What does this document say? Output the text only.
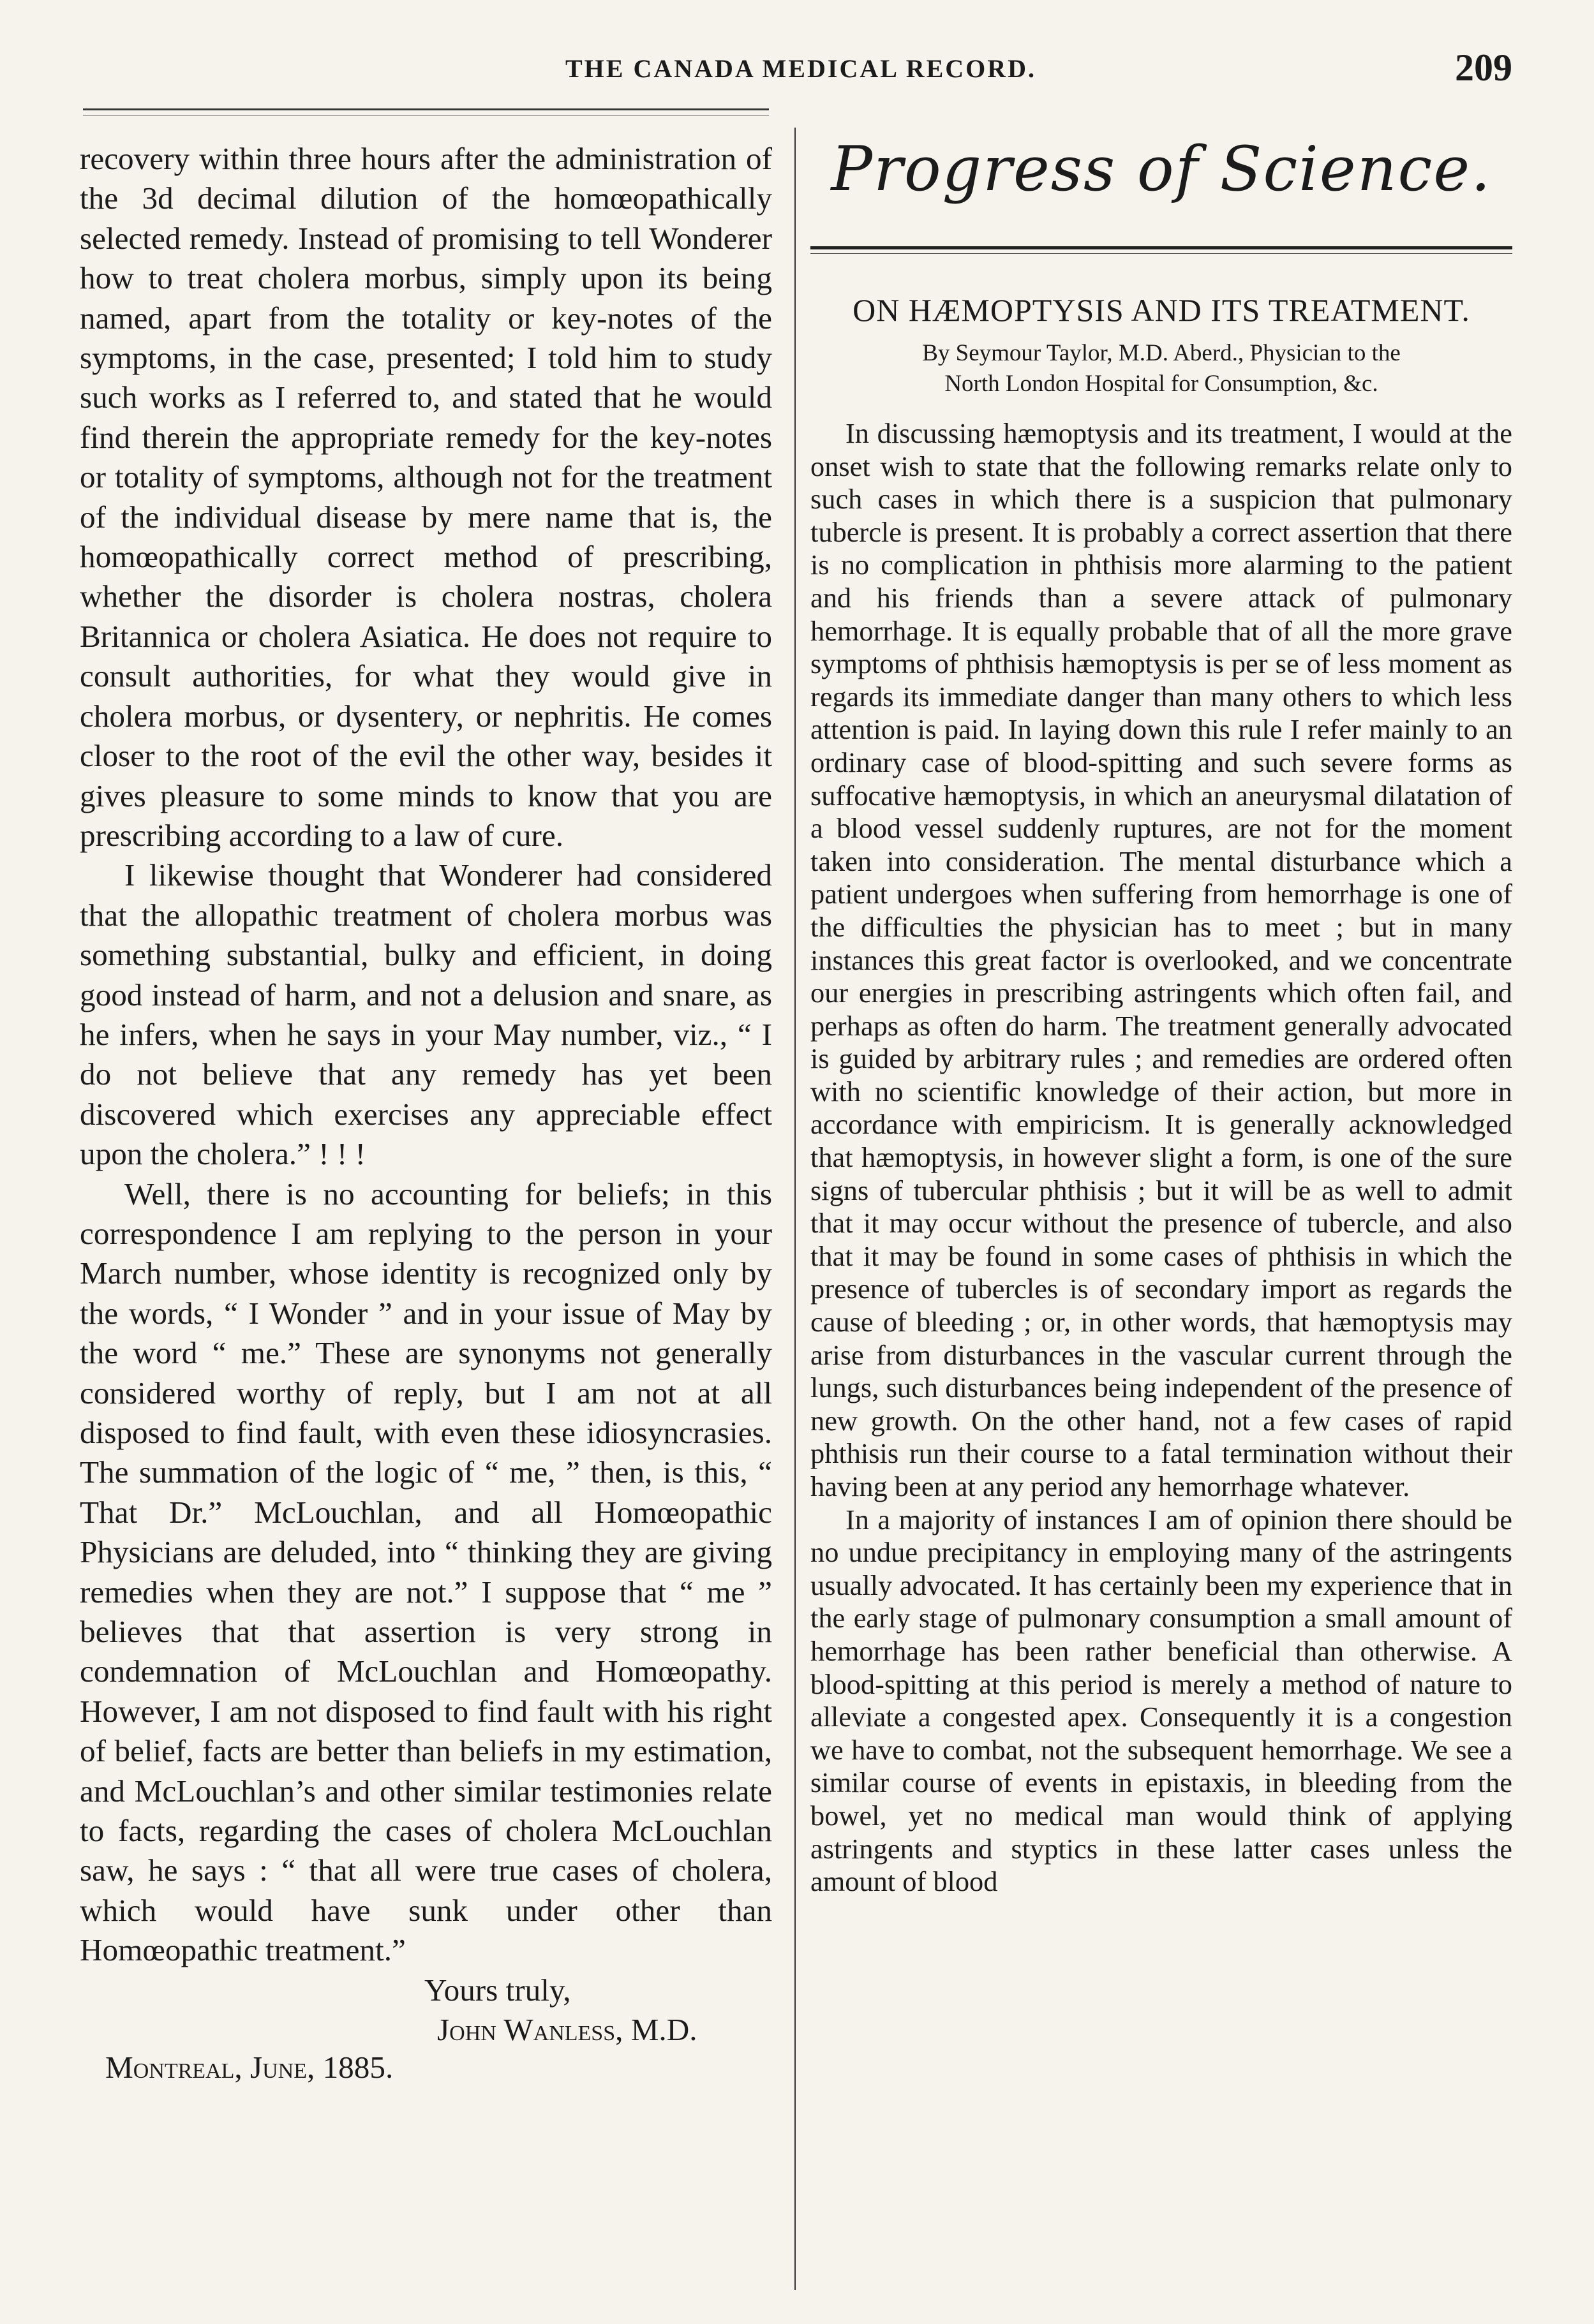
THE CANADA MEDICAL RECORD.	209

recovery within three hours after the administration of the 3d decimal dilution of the homœopathically selected remedy. Instead of promising to tell Wonderer how to treat cholera morbus, simply upon its being named, apart from the totality or key-notes of the symptoms, in the case, presented; I told him to study such works as I referred to, and stated that he would find therein the appropriate remedy for the key-notes or totality of symptoms, although not for the treatment of the individual disease by mere name that is, the homœopathically correct method of prescribing, whether the disorder is cholera nostras, cholera Britannica or cholera Asiatica. He does not require to consult authorities, for what they would give in cholera morbus, or dysentery, or nephritis. He comes closer to the root of the evil the other way, besides it gives pleasure to some minds to know that you are prescribing according to a law of cure.

I likewise thought that Wonderer had considered that the allopathic treatment of cholera morbus was something substantial, bulky and efficient, in doing good instead of harm, and not a delusion and snare, as he infers, when he says in your May number, viz., “ I do not believe that any remedy has yet been discovered which exercises any appreciable effect upon the cholera.” ! ! !

Well, there is no accounting for beliefs; in this correspondence I am replying to the person in your March number, whose identity is recognized only by the words, “ I Wonder ” and in your issue of May by the word “ me.” These are synonyms not generally considered worthy of reply, but I am not at all disposed to find fault, with even these idiosyncrasies. The summation of the logic of “ me, ” then, is this, “ That Dr.” McLouchlan, and all Homœopathic Physicians are deluded, into “ thinking they are giving remedies when they are not.” I suppose that “ me ” believes that that assertion is very strong in condemnation of McLouchlan and Homœopathy. However, I am not disposed to find fault with his right of belief, facts are better than beliefs in my estimation, and McLouchlan’s and other similar testimonies relate to facts, regarding the cases of cholera McLouchlan saw, he says : “ that all were true cases of cholera, which would have sunk under other than Homœopathic treatment.”

Yours truly,
John Wanless, M.D.
Montreal, June, 1885.
Progress of Science.
ON HÆMOPTYSIS AND ITS TREATMENT.
By Seymour Taylor, M.D. Aberd., Physician to the
North London Hospital for Consumption, &c.

In discussing hæmoptysis and its treatment, I would at the onset wish to state that the following remarks relate only to such cases in which there is a suspicion that pulmonary tubercle is present. It is probably a correct assertion that there is no complication in phthisis more alarming to the patient and his friends than a severe attack of pulmonary hemorrhage. It is equally probable that of all the more grave symptoms of phthisis hæmoptysis is per se of less moment as regards its immediate danger than many others to which less attention is paid. In laying down this rule I refer mainly to an ordinary case of blood-spitting and such severe forms as suffocative hæmoptysis, in which an aneurysmal dilatation of a blood vessel suddenly ruptures, are not for the moment taken into consideration. The mental disturbance which a patient undergoes when suffering from hemorrhage is one of the difficulties the physician has to meet ; but in many instances this great factor is overlooked, and we concentrate our energies in prescribing astringents which often fail, and perhaps as often do harm. The treatment generally advocated is guided by arbitrary rules ; and remedies are ordered often with no scientific knowledge of their action, but more in accordance with empiricism. It is generally acknowledged that hæmoptysis, in however slight a form, is one of the sure signs of tubercular phthisis ; but it will be as well to admit that it may occur without the presence of tubercle, and also that it may be found in some cases of phthisis in which the presence of tubercles is of secondary import as regards the cause of bleeding ; or, in other words, that hæmoptysis may arise from disturbances in the vascular current through the lungs, such disturbances being independent of the presence of new growth. On the other hand, not a few cases of rapid phthisis run their course to a fatal termination without their having been at any period any hemorrhage whatever.

In a majority of instances I am of opinion there should be no undue precipitancy in employing many of the astringents usually advocated. It has certainly been my experience that in the early stage of pulmonary consumption a small amount of hemorrhage has been rather beneficial than otherwise. A blood-spitting at this period is merely a method of nature to alleviate a congested apex. Consequently it is a congestion we have to combat, not the subsequent hemorrhage. We see a similar course of events in epistaxis, in bleeding from the bowel, yet no medical man would think of applying astringents and styptics in these latter cases unless the amount of blood
